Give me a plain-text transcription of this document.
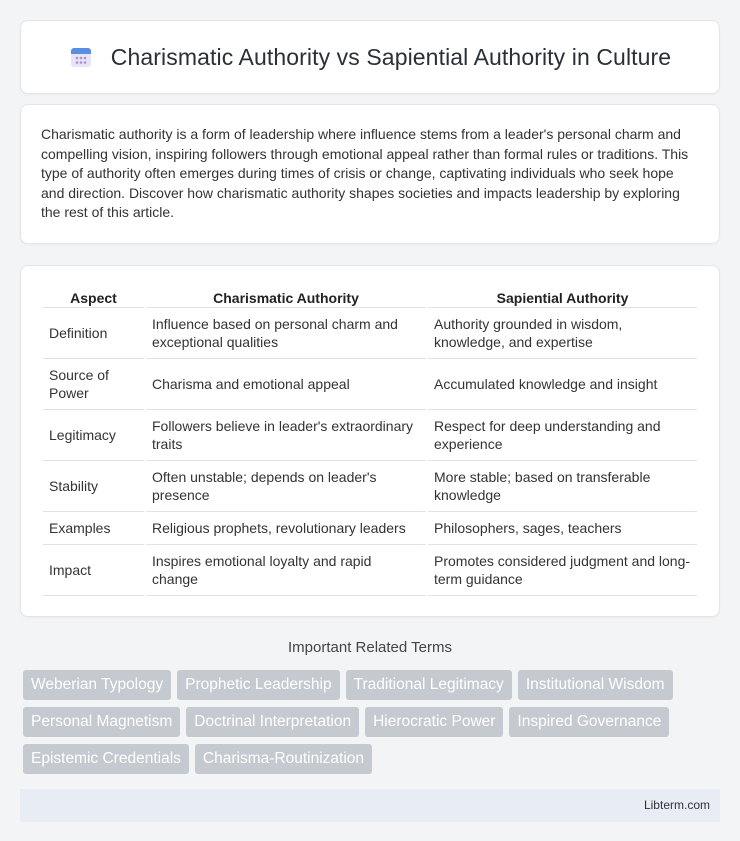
Charismatic Authority vs Sapiential Authority in Culture

Charismatic authority is a form of leadership where influence stems from a leader's personal charm and compelling vision, inspiring followers through emotional appeal rather than formal rules or traditions. This type of authority often emerges during times of crisis or change, captivating individuals who seek hope and direction. Discover how charismatic authority shapes societies and impacts leadership by exploring the rest of this article.

Aspect	Charismatic Authority	Sapiential Authority
Definition	Influence based on personal charm and exceptional qualities	Authority grounded in wisdom, knowledge, and expertise
Source of Power	Charisma and emotional appeal	Accumulated knowledge and insight
Legitimacy	Followers believe in leader's extraordinary traits	Respect for deep understanding and experience
Stability	Often unstable; depends on leader's presence	More stable; based on transferable knowledge
Examples	Religious prophets, revolutionary leaders	Philosophers, sages, teachers
Impact	Inspires emotional loyalty and rapid change	Promotes considered judgment and long-term guidance
Important Related Terms
Weberian Typology	Prophetic Leadership	Traditional Legitimacy	Institutional Wisdom
Personal Magnetism	Doctrinal Interpretation	Hierocratic Power	Inspired Governance
Epistemic Credentials	Charisma-Routinization
Libterm.com
